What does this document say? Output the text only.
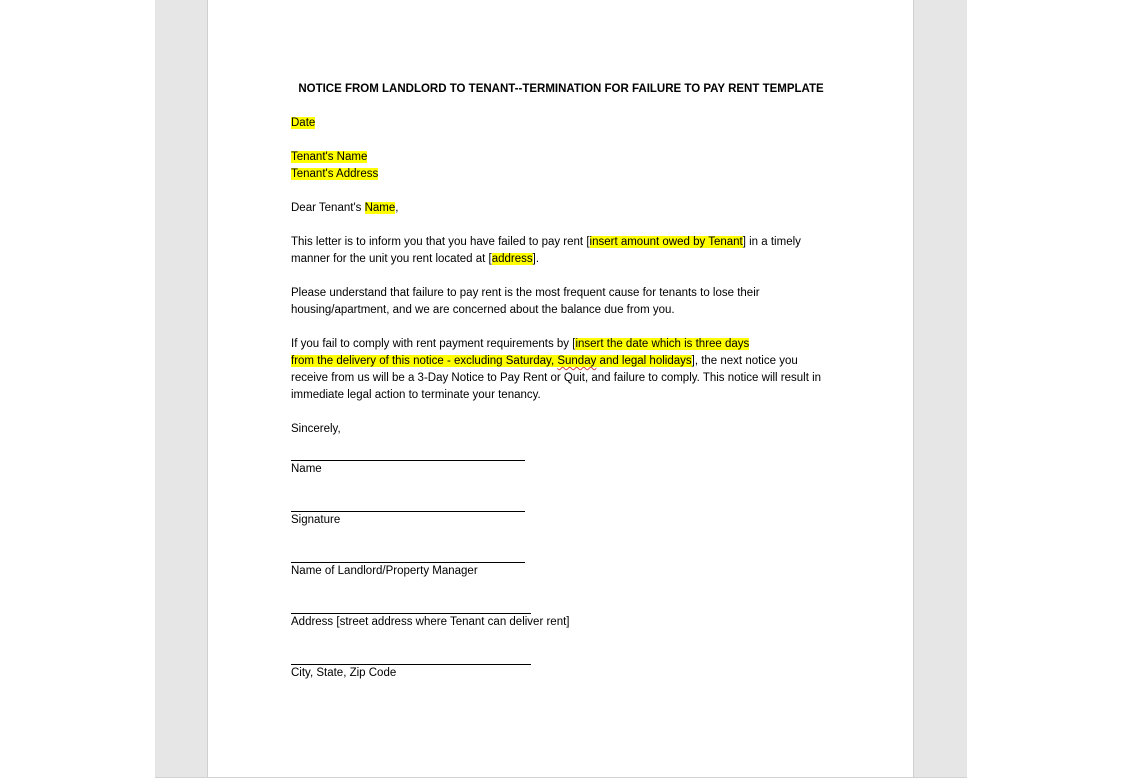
NOTICE FROM LANDLORD TO TENANT--TERMINATION FOR FAILURE TO PAY RENT TEMPLATE

Date

Tenant's Name
Tenant's Address

Dear Tenant's Name,

This letter is to inform you that you have failed to pay rent [insert amount owed by Tenant] in a timely manner for the unit you rent located at [address].

Please understand that failure to pay rent is the most frequent cause for tenants to lose their housing/apartment, and we are concerned about the balance due from you.

If you fail to comply with rent payment requirements by [insert the date which is three days
from the delivery of this notice - excluding Saturday, Sunday and legal holidays], the next notice you receive from us will be a 3-Day Notice to Pay Rent or Quit, and failure to comply. This notice will result in immediate legal action to terminate your tenancy.

Sincerely,

Name
Signature
Name of Landlord/Property Manager
Address [street address where Tenant can deliver rent]
City, State, Zip Code
